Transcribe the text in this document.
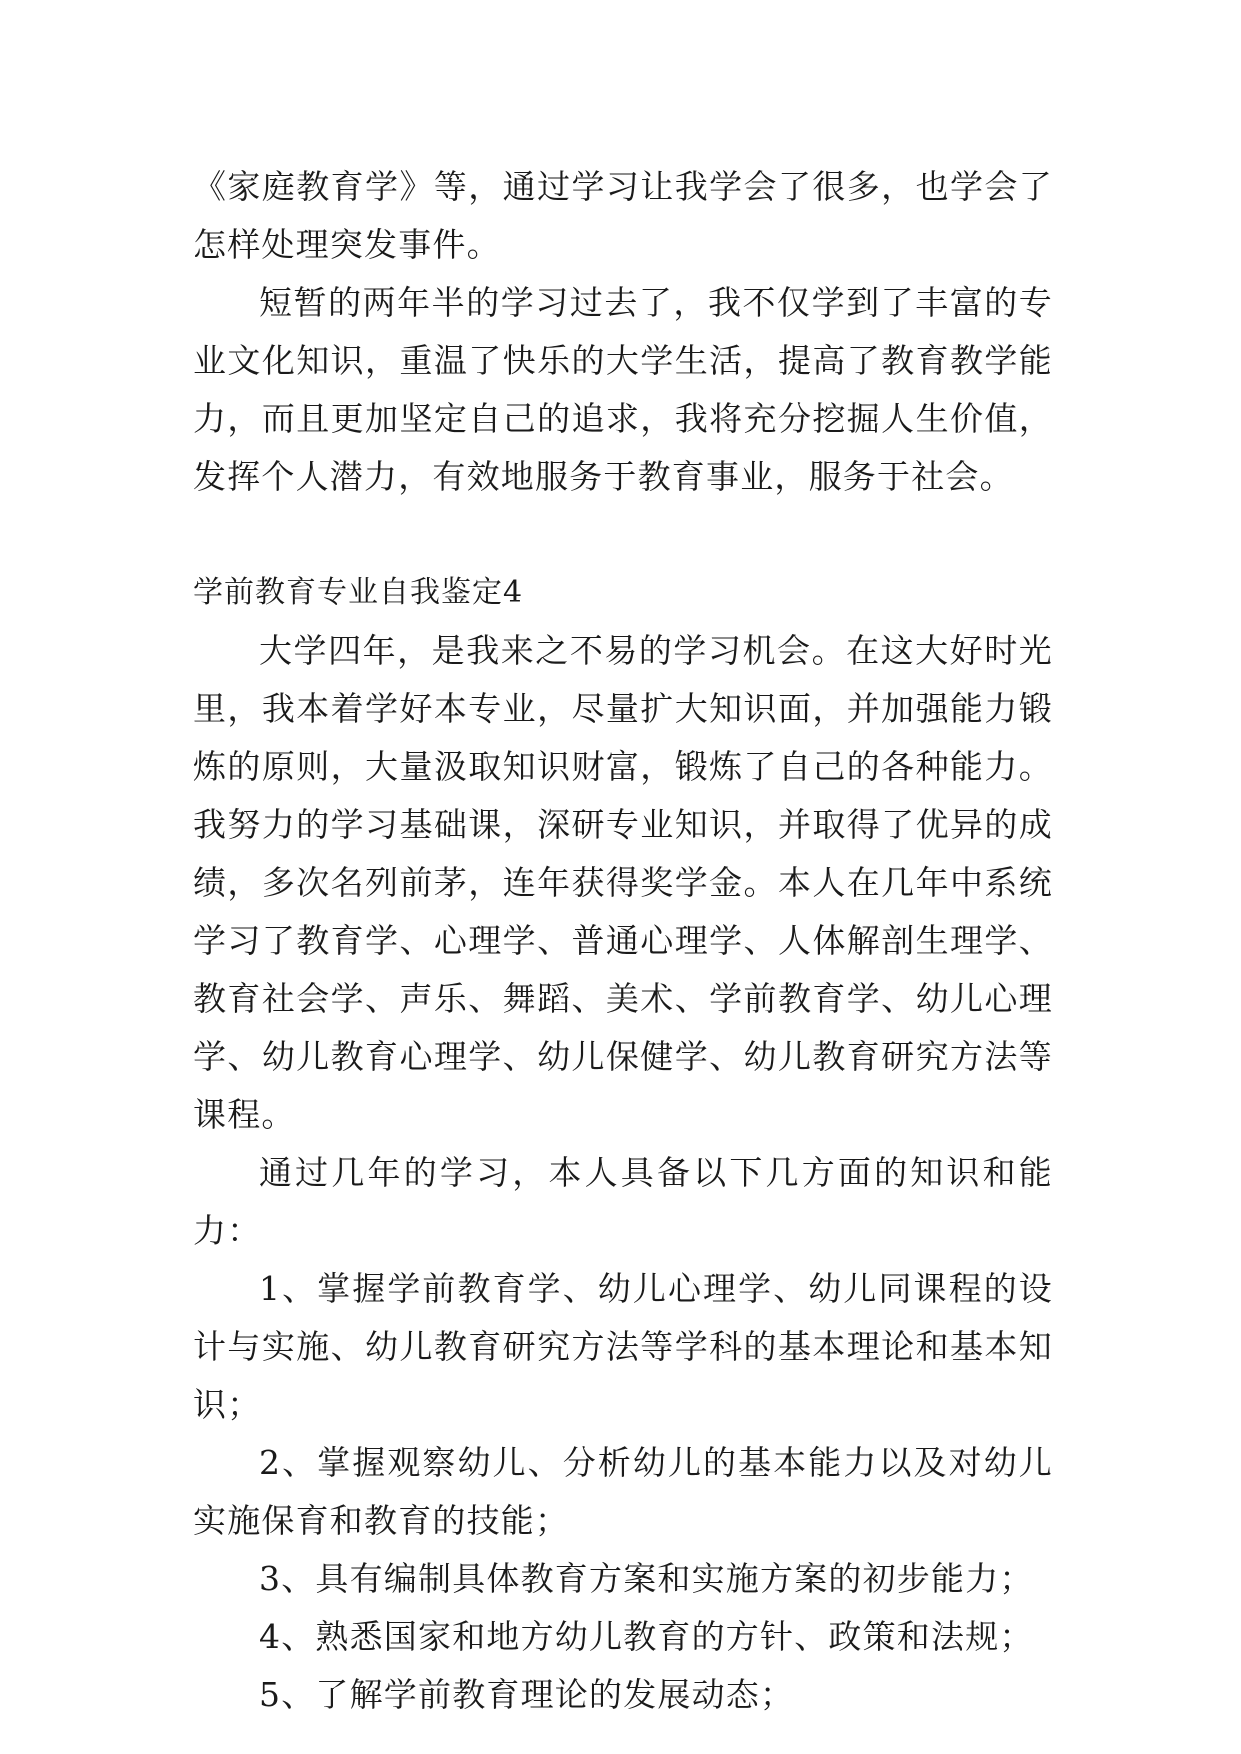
《家庭教育学》等，通过学习让我学会了很多，也学会了怎样处理突发事件。

短暂的两年半的学习过去了，我不仅学到了丰富的专业文化知识，重温了快乐的大学生活，提高了教育教学能力，而且更加坚定自己的追求，我将充分挖掘人生价值，发挥个人潜力，有效地服务于教育事业，服务于社会。

学前教育专业自我鉴定4

大学四年，是我来之不易的学习机会。在这大好时光里，我本着学好本专业，尽量扩大知识面，并加强能力锻炼的原则，大量汲取知识财富，锻炼了自己的各种能力。我努力的学习基础课，深研专业知识，并取得了优异的成绩，多次名列前茅，连年获得奖学金。本人在几年中系统学习了教育学、心理学、普通心理学、人体解剖生理学、教育社会学、声乐、舞蹈、美术、学前教育学、幼儿心理学、幼儿教育心理学、幼儿保健学、幼儿教育研究方法等课程。

通过几年的学习，本人具备以下几方面的知识和能力：

1、掌握学前教育学、幼儿心理学、幼儿同课程的设计与实施、幼儿教育研究方法等学科的基本理论和基本知识；

2、掌握观察幼儿、分析幼儿的基本能力以及对幼儿实施保育和教育的技能；

3、具有编制具体教育方案和实施方案的初步能力；

4、熟悉国家和地方幼儿教育的方针、政策和法规；

5、了解学前教育理论的发展动态；
